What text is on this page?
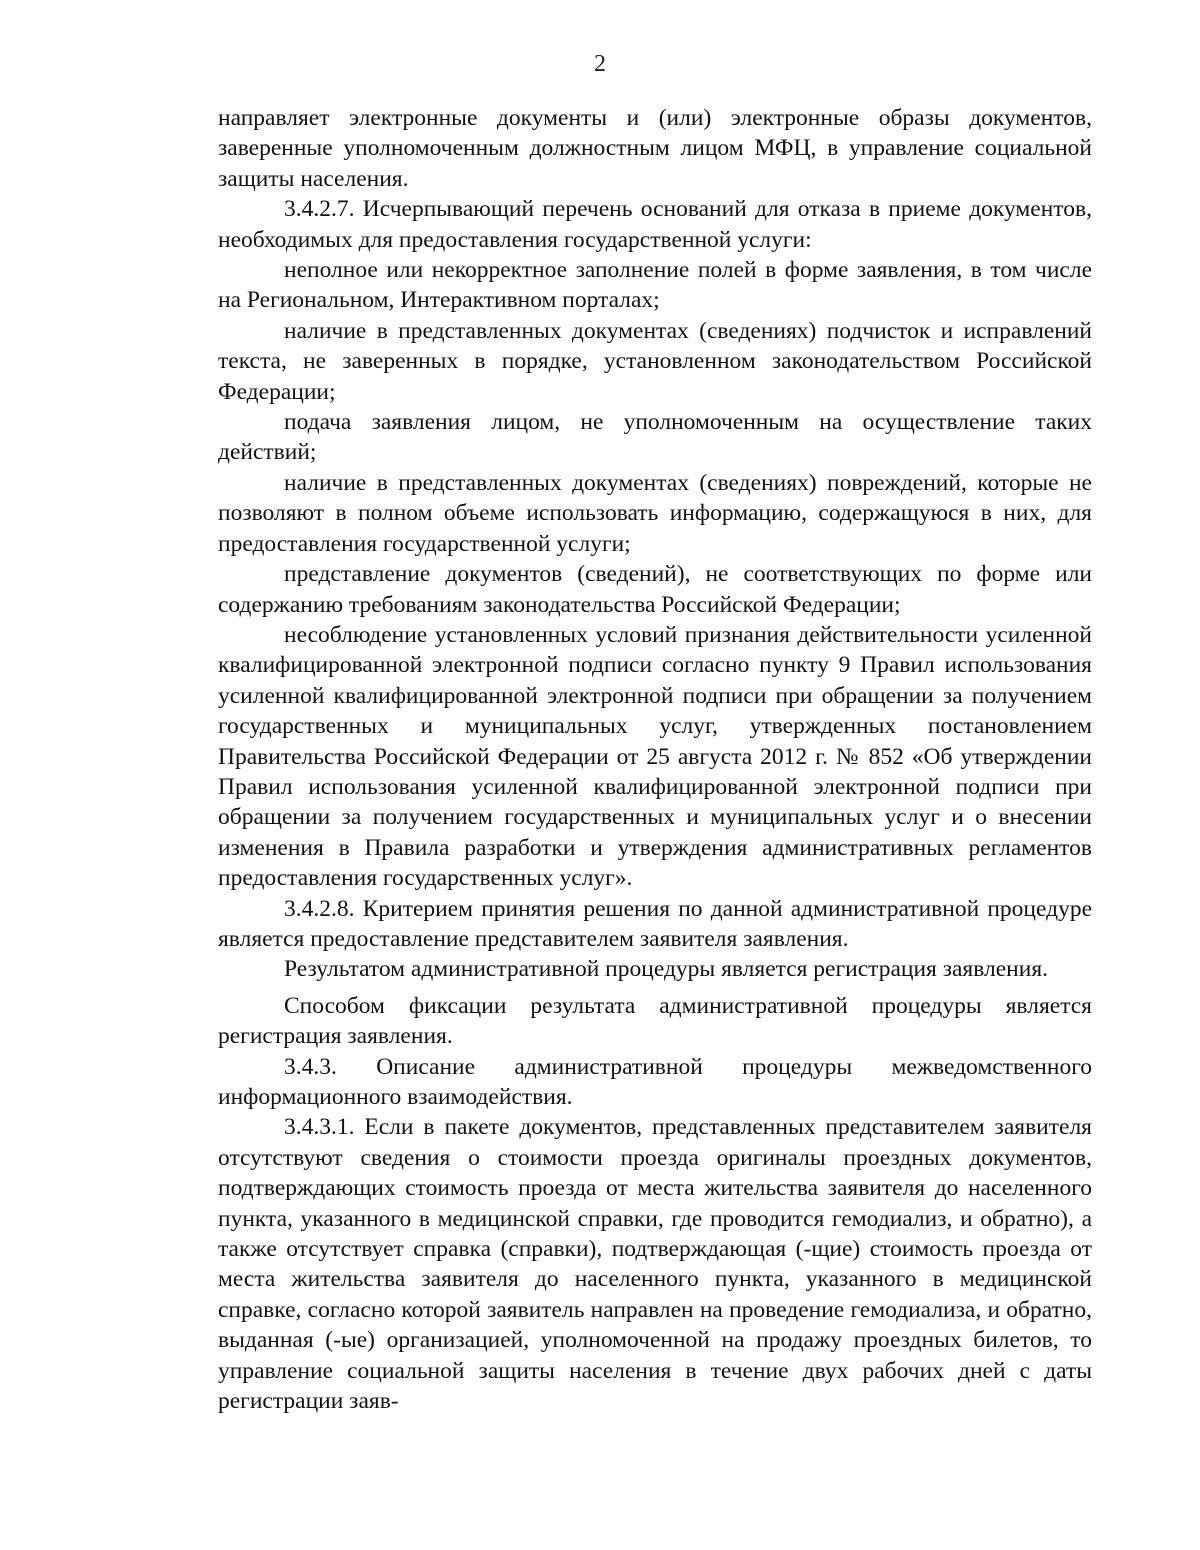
2

направляет электронные документы и (или) электронные образы документов, заверенные уполномоченным должностным лицом МФЦ, в управление социальной защиты населения.

3.4.2.7. Исчерпывающий перечень оснований для отказа в приеме документов, необходимых для предоставления государственной услуги:

неполное или некорректное заполнение полей в форме заявления, в том числе на Региональном, Интерактивном порталах;

наличие в представленных документах (сведениях) подчисток и исправлений текста, не заверенных в порядке, установленном законодательством Российской Федерации;

подача заявления лицом, не уполномоченным на осуществление таких действий;

наличие в представленных документах (сведениях) повреждений, которые не позволяют в полном объеме использовать информацию, содержащуюся в них, для предоставления государственной услуги;

представление документов (сведений), не соответствующих по форме или содержанию требованиям законодательства Российской Федерации;

несоблюдение установленных условий признания действительности усиленной квалифицированной электронной подписи согласно пункту 9 Правил использования усиленной квалифицированной электронной подписи при обращении за получением государственных и муниципальных услуг, утвержденных постановлением Правительства Российской Федерации от 25 августа 2012 г. № 852 «Об утверждении Правил использования усиленной квалифицированной электронной подписи при обращении за получением государственных и муниципальных услуг и о внесении изменения в Правила разработки и утверждения административных регламентов предоставления государственных услуг».

3.4.2.8. Критерием принятия решения по данной административной процедуре является предоставление представителем заявителя заявления.

Результатом административной процедуры является регистрация заявления.

Способом фиксации результата административной процедуры является регистрация заявления.

3.4.3. Описание административной процедуры межведомственного информационного взаимодействия.

3.4.3.1. Если в пакете документов, представленных представителем заявителя отсутствуют сведения о стоимости проезда оригиналы проездных документов, подтверждающих стоимость проезда от места жительства заявителя до населенного пункта, указанного в медицинской справки, где проводится гемодиализ, и обратно), а также отсутствует справка (справки), подтверждающая (-щие) стоимость проезда от места жительства заявителя до населенного пункта, указанного в медицинской справке, согласно которой заявитель направлен на проведение гемодиализа, и обратно, выданная (-ые) организацией, уполномоченной на продажу проездных билетов, то управление социальной защиты населения в течение двух рабочих дней с даты регистрации заяв-
